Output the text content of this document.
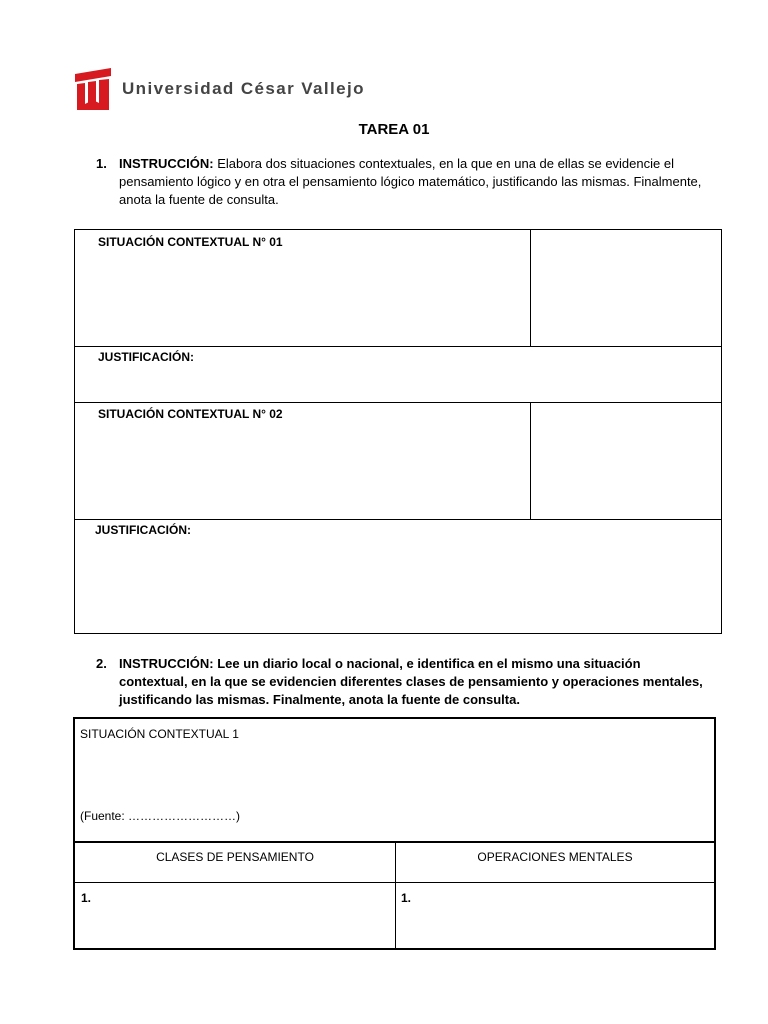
Universidad César Vallejo
TAREA 01
1. INSTRUCCIÓN: Elabora dos situaciones contextuales, en la que en una de ellas se evidencie el pensamiento lógico y en otra el pensamiento lógico matemático, justificando las mismas. Finalmente, anota la fuente de consulta.
SITUACIÓN CONTEXTUAL N° 01
JUSTIFICACIÓN:
SITUACIÓN CONTEXTUAL N° 02
JUSTIFICACIÓN:
2. INSTRUCCIÓN: Lee un diario local o nacional, e identifica en el mismo una situación contextual, en la que se evidencien diferentes clases de pensamiento y operaciones mentales, justificando las mismas. Finalmente, anota la fuente de consulta.
SITUACIÓN CONTEXTUAL 1
(Fuente: ………………………)
CLASES DE PENSAMIENTO	OPERACIONES MENTALES
1.	1.
